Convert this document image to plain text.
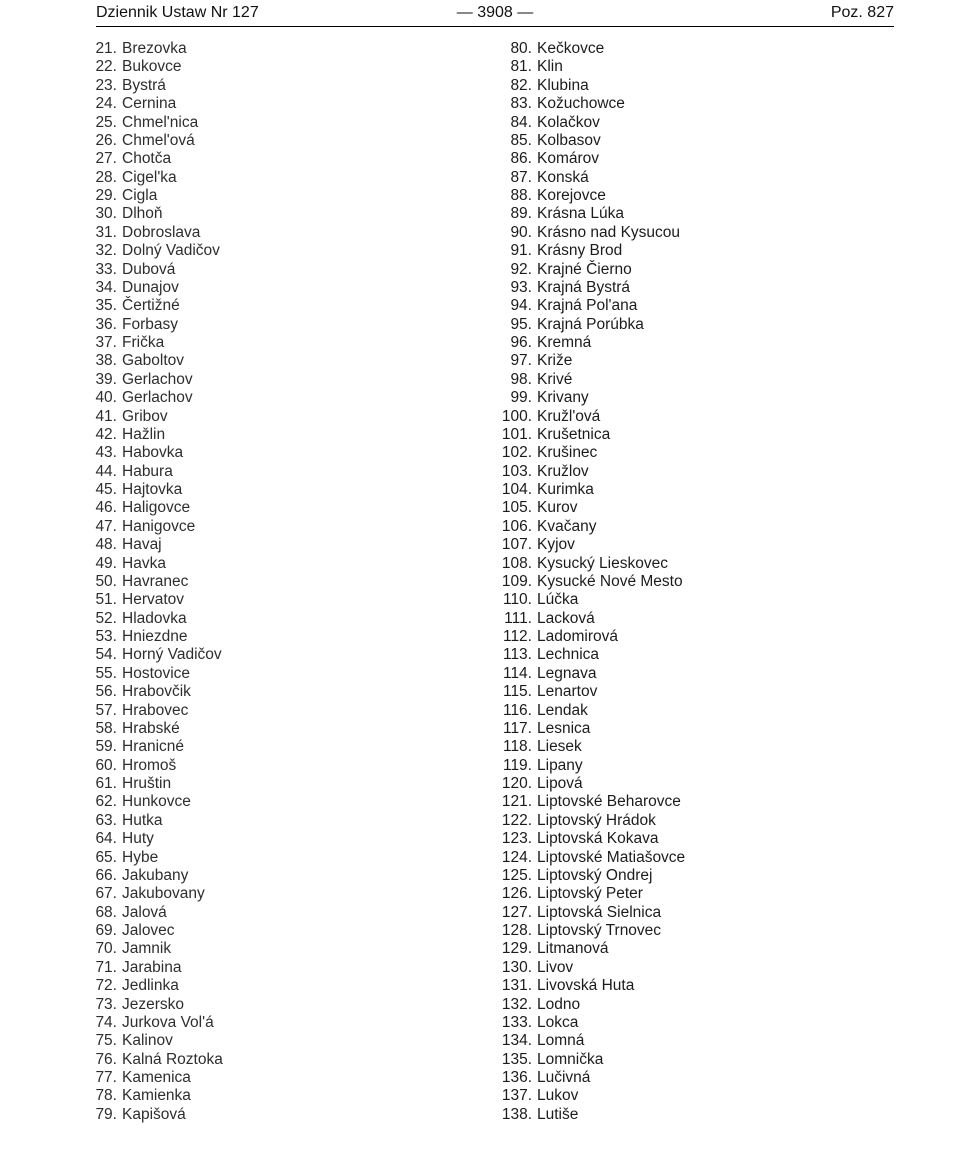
Dziennik Ustaw Nr 127	— 3908 —	Poz. 827
21. Brezovka
22. Bukovce
23. Bystrá
24. Cernina
25. Chmel'nica
26. Chmel'ová
27. Chotča
28. Cigel'ka
29. Cigla
30. Dlhoň
31. Dobroslava
32. Dolný Vadičov
33. Dubová
34. Dunajov
35. Čertižné
36. Forbasy
37. Frička
38. Gaboltov
39. Gerlachov
40. Gerlachov
41. Gribov
42. Hažlin
43. Habovka
44. Habura
45. Hajtovka
46. Haligovce
47. Hanigovce
48. Havaj
49. Havka
50. Havranec
51. Hervatov
52. Hladovka
53. Hniezdne
54. Horný Vadičov
55. Hostovice
56. Hrabovčik
57. Hrabovec
58. Hrabské
59. Hranicné
60. Hromoš
61. Hruštin
62. Hunkovce
63. Hutka
64. Huty
65. Hybe
66. Jakubany
67. Jakubovany
68. Jalová
69. Jalovec
70. Jamnik
71. Jarabina
72. Jedlinka
73. Jezersko
74. Jurkova Vol'á
75. Kalinov
76. Kalná Roztoka
77. Kamenica
78. Kamienka
79. Kapišová
80. Kečkovce
81. Klin
82. Klubina
83. Kožuchowce
84. Kolačkov
85. Kolbasov
86. Komárov
87. Konská
88. Korejovce
89. Krásna Lúka
90. Krásno nad Kysucou
91. Krásny Brod
92. Krajné Čierno
93. Krajná Bystrá
94. Krajná Pol'ana
95. Krajná Porúbka
96. Kremná
97. Križe
98. Krivé
99. Krivany
100. Kružl'ová
101. Krušetnica
102. Krušinec
103. Kružlov
104. Kurimka
105. Kurov
106. Kvačany
107. Kyjov
108. Kysucký Lieskovec
109. Kysucké Nové Mesto
110. Lúčka
111. Lacková
112. Ladomirová
113. Lechnica
114. Legnava
115. Lenartov
116. Lendak
117. Lesnica
118. Liesek
119. Lipany
120. Lipová
121. Liptovské Beharovce
122. Liptovský Hrádok
123. Liptovská Kokava
124. Liptovské Matiašovce
125. Liptovský Ondrej
126. Liptovský Peter
127. Liptovská Sielnica
128. Liptovský Trnovec
129. Litmanová
130. Livov
131. Livovská Huta
132. Lodno
133. Lokca
134. Lomná
135. Lomnička
136. Lučivná
137. Lukov
138. Lutiše
